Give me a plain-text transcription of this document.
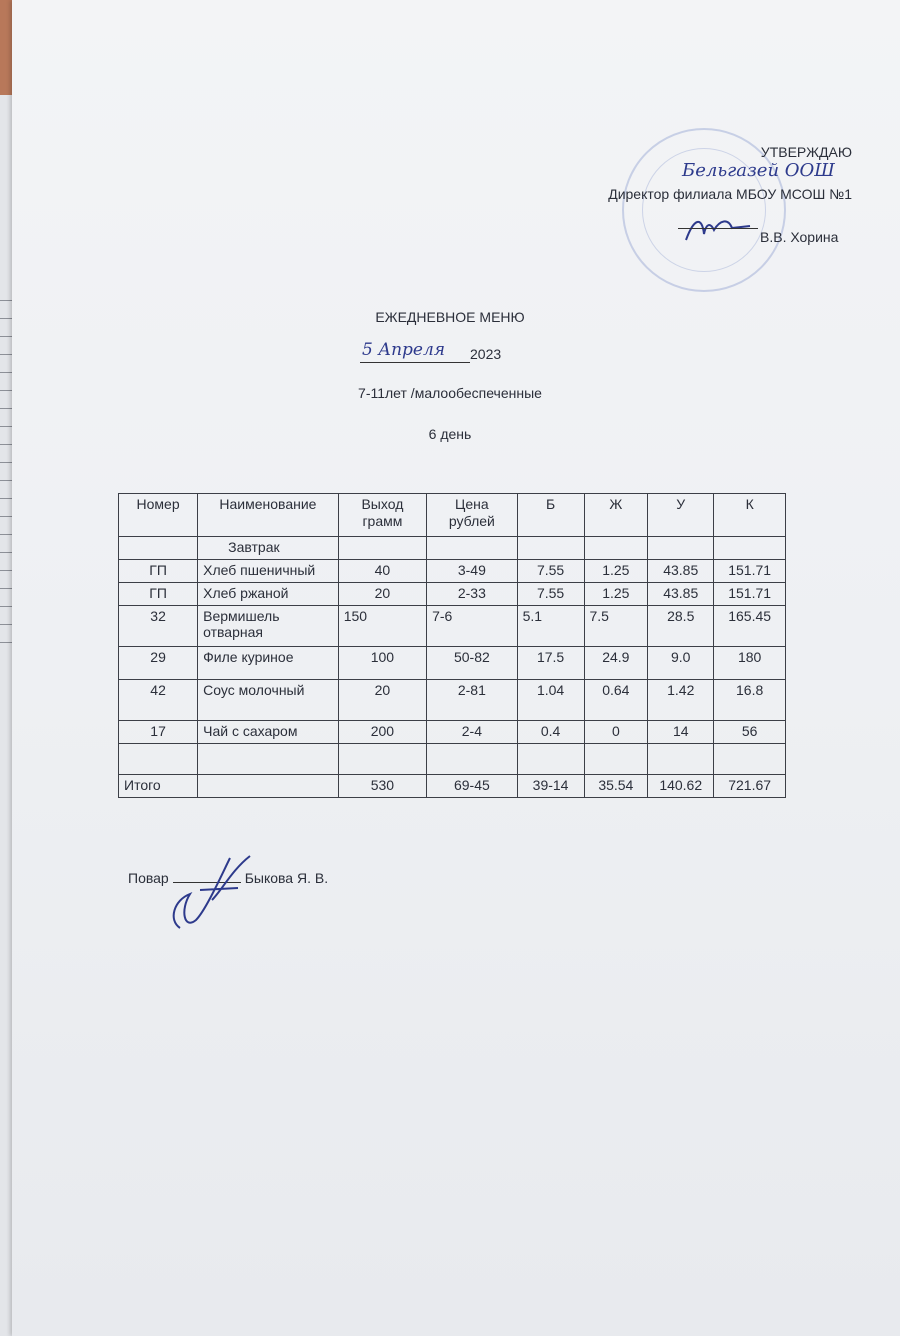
УТВЕРЖДАЮ
Бельгазей ООШ
Директор филиала МБОУ МСОШ №1
В.В. Хорина
ЕЖЕДНЕВНОЕ МЕНЮ
5 Апреля 2023
7-11лет /малообеспеченные
6 день
Номер	Наименование	Выход грамм	Цена рублей	Б	Ж	У	К
	Завтрак						
ГП	Хлеб пшеничный	40	3-49	7.55	1.25	43.85	151.71
ГП	Хлеб ржаной	20	2-33	7.55	1.25	43.85	151.71
32	Вермишель отварная	150	7-6	5.1	7.5	28.5	165.45
29	Филе куриное	100	50-82	17.5	24.9	9.0	180
42	Соус молочный	20	2-81	1.04	0.64	1.42	16.8
17	Чай с сахаром	200	2-4	0.4	0	14	56

Итого		530	69-45	39-14	35.54	140.62	721.67
Повар	Быкова Я. В.
